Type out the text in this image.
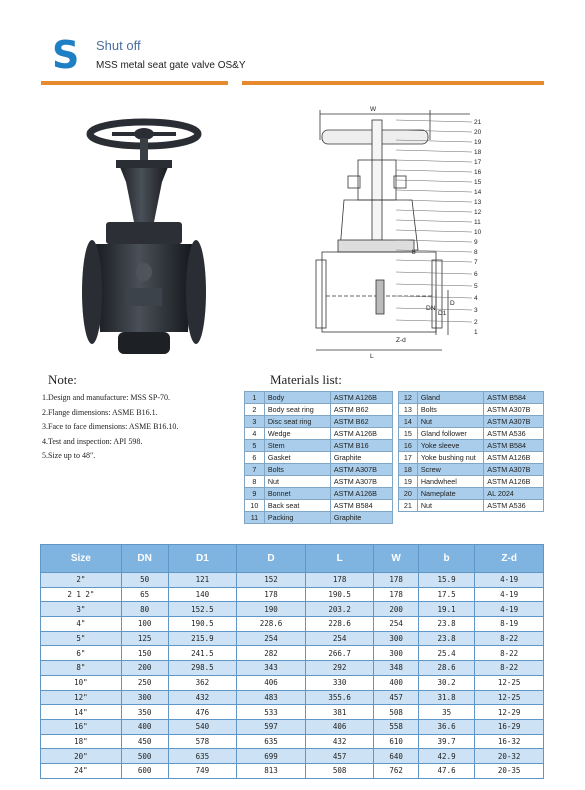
S Shut off
MSS metal seat gate valve OS&Y
W
21
20
19
18
17
16
15
14
13
12
11
10
9
8
7
b
6
5
4
3
2
1
D
D1
DN
Z-d
L
Note:
1.Design and manufacture: MSS SP-70.
2.Flange dimensions: ASME B16.1.
3.Face to face dimensions: ASME B16.10.
4.Test and inspection: API 598.
5.Size up to 48".
Materials list:
1	Body	ASTM A126B
2	Body seat ring	ASTM B62
3	Disc seat ring	ASTM B62
4	Wedge	ASTM A126B
5	Stem	ASTM B16
6	Gasket	Graphite
7	Bolts	ASTM A307B
8	Nut	ASTM A307B
9	Bonnet	ASTM A126B
10	Back seat	ASTM B584
11	Packing	Graphite
12	Gland	ASTM B584
13	Bolts	ASTM A307B
14	Nut	ASTM A307B
15	Gland follower	ASTM A536
16	Yoke sleeve	ASTM B584
17	Yoke bushing nut	ASTM A126B
18	Screw	ASTM A307B
19	Handwheel	ASTM A126B
20	Nameplate	AL 2024
21	Nut	ASTM A536
Size	DN	D1	D	L	W	b	Z-d
2"	50	121	152	178	178	15.9	4-19
2 1 2"	65	140	178	190.5	178	17.5	4-19
3"	80	152.5	190	203.2	200	19.1	4-19
4"	100	190.5	228.6	228.6	254	23.8	8-19
5"	125	215.9	254	254	300	23.8	8-22
6"	150	241.5	282	266.7	300	25.4	8-22
8"	200	298.5	343	292	348	28.6	8-22
10"	250	362	406	330	400	30.2	12-25
12"	300	432	483	355.6	457	31.8	12-25
14"	350	476	533	381	508	35	12-29
16"	400	540	597	406	558	36.6	16-29
18"	450	578	635	432	610	39.7	16-32
20"	500	635	699	457	640	42.9	20-32
24"	600	749	813	508	762	47.6	20-35
